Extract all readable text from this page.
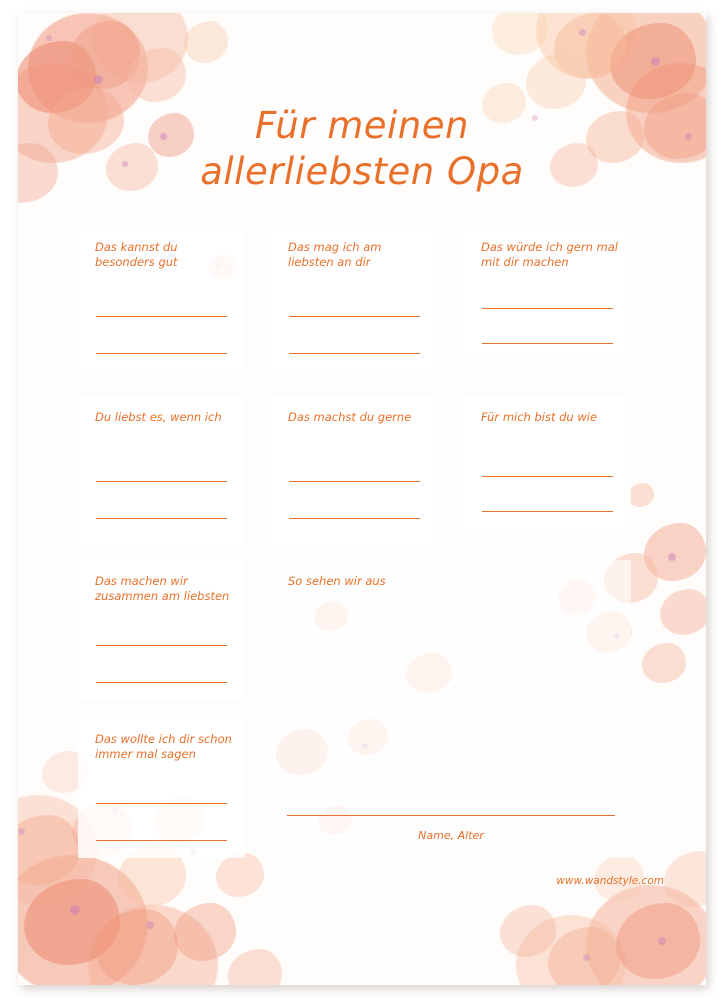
Für meinen
allerliebsten Opa
Das kannst du besonders gut
Das mag ich am liebsten an dir
Das würde ich gern mal mit dir machen
Du liebst es, wenn ich	Das machst du gerne	Für mich bist du wie
Das machen wir zusammen am liebsten
Das wollte ich dir schon immer mal sagen
So sehen wir aus
Name, Alter
www.wandstyle.com
